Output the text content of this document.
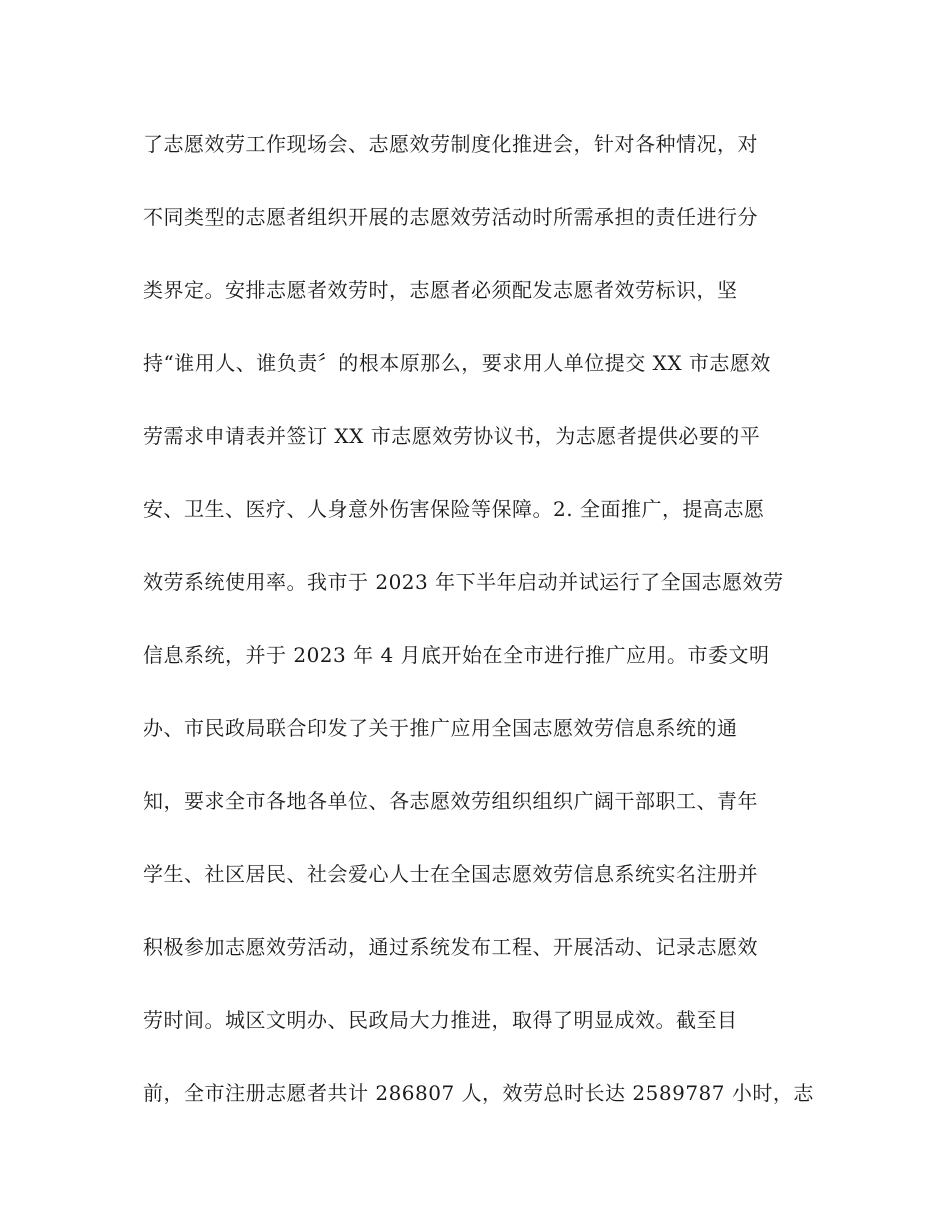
了志愿效劳工作现场会、志愿效劳制度化推进会，针对各种情况，对
不同类型的志愿者组织开展的志愿效劳活动时所需承担的责任进行分
类界定。安排志愿者效劳时，志愿者必须配发志愿者效劳标识，坚
持“谁用人、谁负责〞的根本原那么，要求用人单位提交 XX 市志愿效
劳需求申请表并签订 XX 市志愿效劳协议书，为志愿者提供必要的平
安、卫生、医疗、人身意外伤害保险等保障。2. 全面推广，提高志愿
效劳系统使用率。我市于 2023 年下半年启动并试运行了全国志愿效劳
信息系统，并于 2023 年 4 月底开始在全市进行推广应用。市委文明
办、市民政局联合印发了关于推广应用全国志愿效劳信息系统的通
知，要求全市各地各单位、各志愿效劳组织组织广阔干部职工、青年
学生、社区居民、社会爱心人士在全国志愿效劳信息系统实名注册并
积极参加志愿效劳活动，通过系统发布工程、开展活动、记录志愿效
劳时间。城区文明办、民政局大力推进，取得了明显成效。截至目
前，全市注册志愿者共计 286807 人，效劳总时长达 2589787 小时，志
